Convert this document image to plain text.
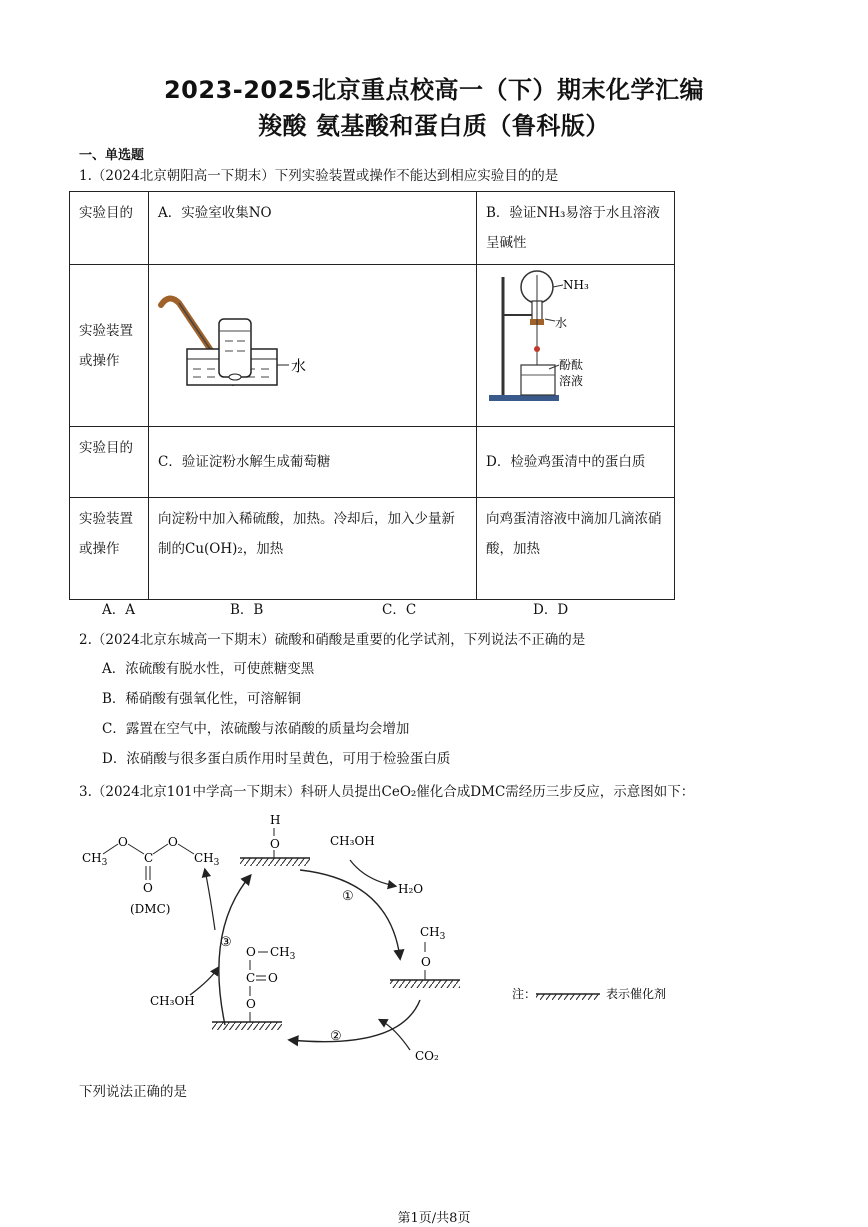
2023-2025北京重点校高一（下）期末化学汇编
羧酸 氨基酸和蛋白质（鲁科版）
一、单选题
1.（2024北京朝阳高一下期末）下列实验装置或操作不能达到相应实验目的的是
实验目的	A．实验室收集NO	B．验证NH₃易溶于水且溶液呈碱性
实验装置或操作	水	NH₃
水
酚酞
溶液

实验目的	C．验证淀粉水解生成葡萄糖	D．检验鸡蛋清中的蛋白质
实验装置或操作	向淀粉中加入稀硫酸，加热。冷却后，加入少量新制的Cu(OH)₂，加热	向鸡蛋清溶液中滴加几滴浓硝酸，加热
A．A	B．B	C．C	D．D
2.（2024北京东城高一下期末）硫酸和硝酸是重要的化学试剂，下列说法不正确的是
A．浓硫酸有脱水性，可使蔗糖变黑
B．稀硝酸有强氧化性，可溶解铜
C．露置在空气中，浓硫酸与浓硝酸的质量均会增加
D．浓硝酸与很多蛋白质作用时呈黄色，可用于检验蛋白质
3.（2024北京101中学高一下期末）科研人员提出CeO₂催化合成DMC需经历三步反应，示意图如下：
$CH_3$
O
C
O
$CH_3$
O
(DMC)
O
H
CH₃OH
H₂O
①
$CH_3$
O
CO₂
②
O $CH_3$
C O
O
③
CH₃OH	注：	表示催化剂
下列说法正确的是
第1页/共8页
